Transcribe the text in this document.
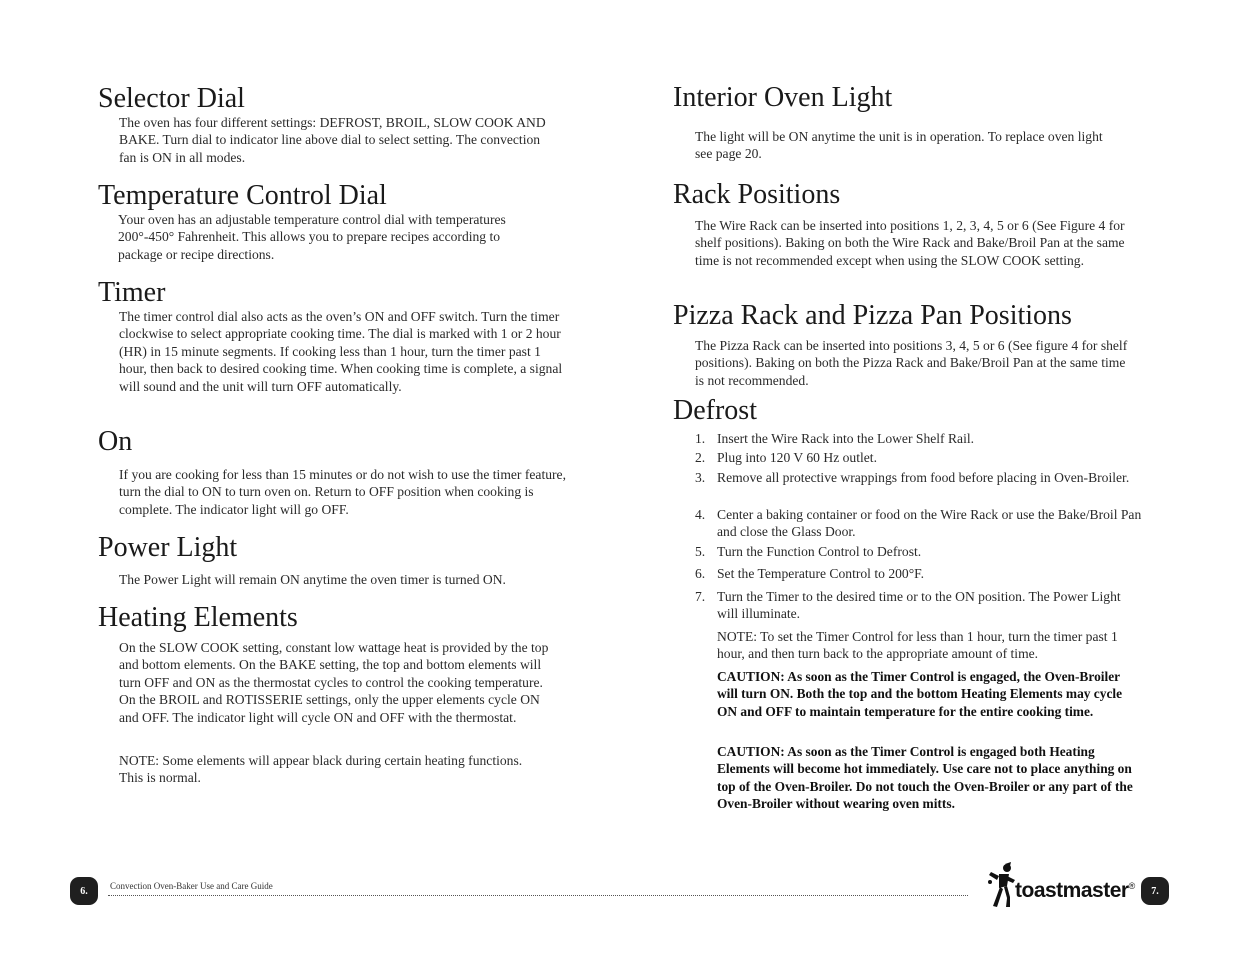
Selector Dial

The oven has four different settings: DEFROST, BROIL, SLOW COOK AND BAKE. Turn dial to indicator line above dial to select setting. The convection fan is ON in all modes.

Temperature Control Dial

Your oven has an adjustable temperature control dial with temperatures 200°-450° Fahrenheit. This allows you to prepare recipes according to package or recipe directions.

Timer

The timer control dial also acts as the oven’s ON and OFF switch. Turn the timer clockwise to select appropriate cooking time. The dial is marked with 1 or 2 hour (HR) in 15 minute segments. If cooking less than 1 hour, turn the timer past 1 hour, then back to desired cooking time. When cooking time is complete, a signal will sound and the unit will turn OFF automatically.

On

If you are cooking for less than 15 minutes or do not wish to use the timer feature, turn the dial to ON to turn oven on. Return to OFF position when cooking is complete. The indicator light will go OFF.

Power Light

The Power Light will remain ON anytime the oven timer is turned ON.

Heating Elements

On the SLOW COOK setting, constant low wattage heat is provided by the top and bottom elements. On the BAKE setting, the top and bottom elements will turn OFF and ON as the thermostat cycles to control the cooking temperature. On the BROIL and ROTISSERIE settings, only the upper elements cycle ON and OFF. The indicator light will cycle ON and OFF with the thermostat.

NOTE: Some elements will appear black during certain heating functions. This is normal.

Interior Oven Light

The light will be ON anytime the unit is in operation. To replace oven light see page 20.

Rack Positions

The Wire Rack can be inserted into positions 1, 2, 3, 4, 5 or 6 (See Figure 4 for shelf positions). Baking on both the Wire Rack and Bake/Broil Pan at the same time is not recommended except when using the SLOW COOK setting.

Pizza Rack and Pizza Pan Positions

The Pizza Rack can be inserted into positions 3, 4, 5 or 6 (See figure 4 for shelf positions). Baking on both the Pizza Rack and Bake/Broil Pan at the same time is not recommended.

Defrost
1. Insert the Wire Rack into the Lower Shelf Rail.
2. Plug into 120 V 60 Hz outlet.
3. Remove all protective wrappings from food before placing in Oven-Broiler.
4. Center a baking container or food on the Wire Rack or use the Bake/Broil Pan and close the Glass Door.
5. Turn the Function Control to Defrost.
6. Set the Temperature Control to 200°F.
7. Turn the Timer to the desired time or to the ON position. The Power Light will illuminate.

NOTE: To set the Timer Control for less than 1 hour, turn the timer past 1 hour, and then turn back to the appropriate amount of time.

CAUTION: As soon as the Timer Control is engaged, the Oven-Broiler will turn ON. Both the top and the bottom Heating Elements may cycle ON and OFF to maintain temperature for the entire cooking time.

CAUTION: As soon as the Timer Control is engaged both Heating Elements will become hot immediately. Use care not to place anything on top of the Oven-Broiler. Do not touch the Oven-Broiler or any part of the Oven-Broiler without wearing oven mitts.

6. Convection Oven-Baker Use and Care Guide	toastmaster® 7.
